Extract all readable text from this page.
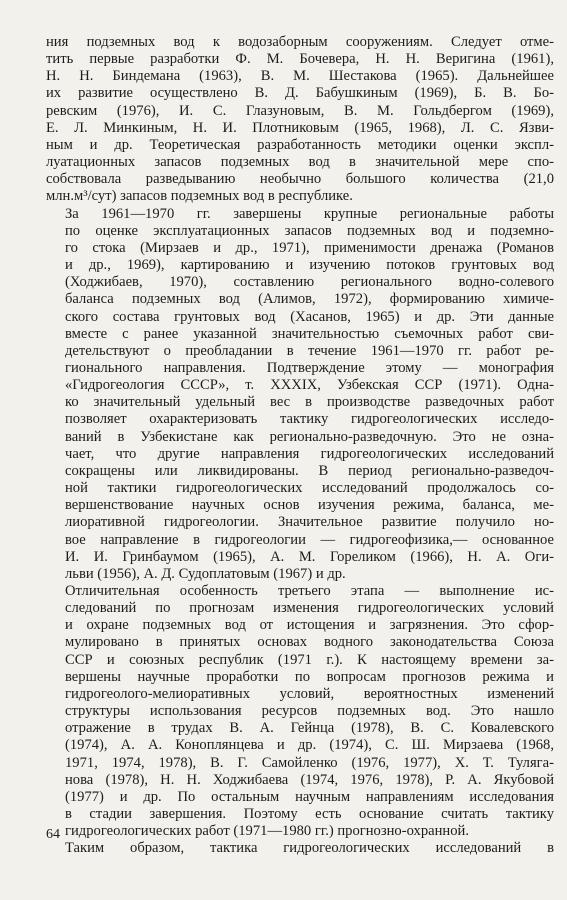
ния подземных вод к водозаборным сооружениям. Следует отме-
тить первые разработки Ф. М. Бочевера, Н. Н. Веригина (1961),
Н. Н. Биндемана (1963), В. М. Шестакова (1965). Дальнейшее
их развитие осуществлено В. Д. Бабушкиным (1969), Б. В. Бо-
ревским (1976), И. С. Глазуновым, В. М. Гольдбергом (1969),
Е. Л. Минкиным, Н. И. Плотниковым (1965, 1968), Л. С. Язви-
ным и др. Теоретическая разработанность методики оценки экспл-
луатационных запасов подземных вод в значительной мере спо-
собствовала разведыванию необычно большого количества (21,0
млн.м³/сут) запасов подземных вод в республике.

За 1961—1970 гг. завершены крупные региональные работы
по оценке эксплуатационных запасов подземных вод и подземно-
го стока (Мирзаев и др., 1971), применимости дренажа (Романов
и др., 1969), картированию и изучению потоков грунтовых вод
(Ходжибаев, 1970), составлению регионального водно-солевого
баланса подземных вод (Алимов, 1972), формированию химиче-
ского состава грунтовых вод (Хасанов, 1965) и др. Эти данные
вместе с ранее указанной значительностью съемочных работ сви-
детельствуют о преобладании в течение 1961—1970 гг. работ ре-
гионального направления. Подтверждение этому — монография
«Гидрогеология СССР», т. XXXIX, Узбекская ССР (1971). Одна-
ко значительный удельный вес в производстве разведочных работ
позволяет охарактеризовать тактику гидрогеологических исследо-
ваний в Узбекистане как регионально-разведочную. Это не озна-
чает, что другие направления гидрогеологических исследований
сокращены или ликвидированы. В период регионально-разведоч-
ной тактики гидрогеологических исследований продолжалось со-
вершенствование научных основ изучения режима, баланса, ме-
лиоративной гидрогеологии. Значительное развитие получило но-
вое направление в гидрогеологии — гидрогеофизика,— основанное
И. И. Гринбаумом (1965), А. М. Гореликом (1966), Н. А. Оги-
льви (1956), А. Д. Судоплатовым (1967) и др.

Отличительная особенность третьего этапа — выполнение ис-
следований по прогнозам изменения гидрогеологических условий
и охране подземных вод от истощения и загрязнения. Это сфор-
мулировано в принятых основах водного законодательства Союза
ССР и союзных республик (1971 г.). К настоящему времени за-
вершены научные проработки по вопросам прогнозов режима и
гидрогеолого-мелиоративных условий, вероятностных изменений
структуры использования ресурсов подземных вод. Это нашло
отражение в трудах В. А. Гейнца (1978), В. С. Ковалевского
(1974), А. А. Коноплянцева и др. (1974), С. Ш. Мирзаева (1968,
1971, 1974, 1978), В. Г. Самойленко (1976, 1977), Х. Т. Туляга-
нова (1978), Н. Н. Ходжибаева (1974, 1976, 1978), Р. А. Якубовой
(1977) и др. По остальным научным направлениям исследования
в стадии завершения. Поэтому есть основание считать тактику
гидрогеологических работ (1971—1980 гг.) прогнозно-охранной.

Таким образом, тактика гидрогеологических исследований в

64
